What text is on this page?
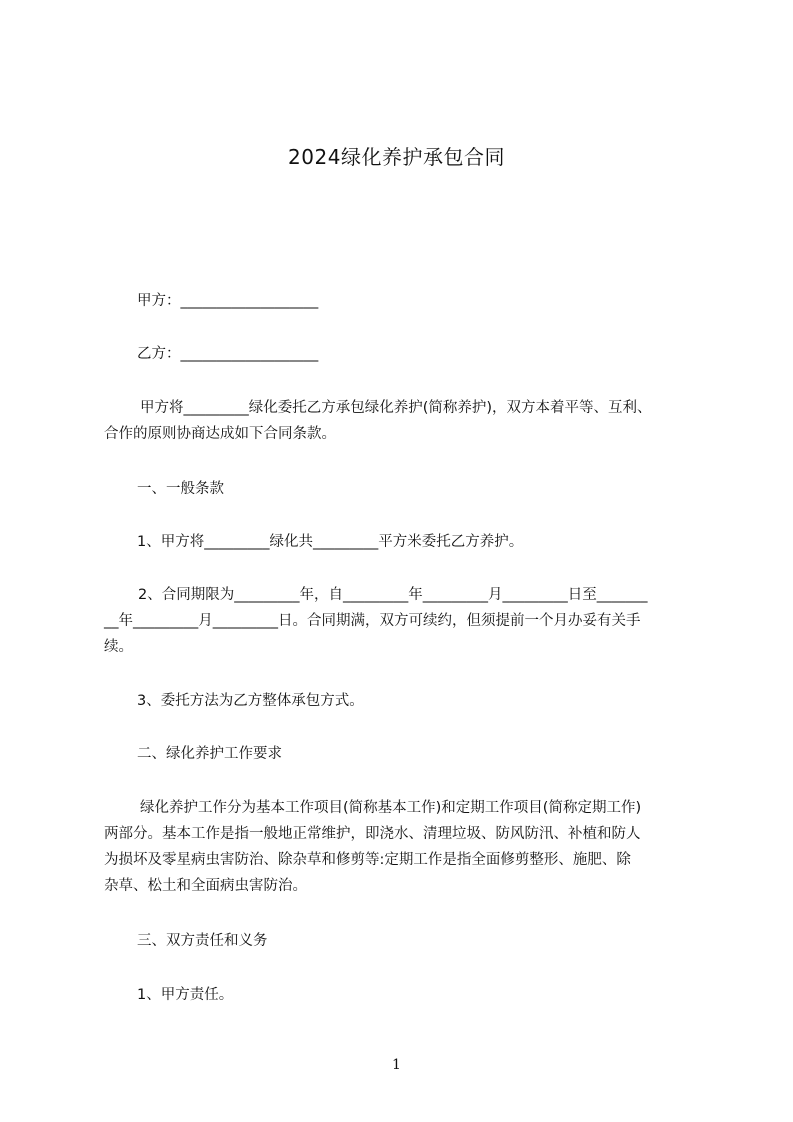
2024绿化养护承包合同
甲方：___________________
乙方：___________________
甲方将_________绿化委托乙方承包绿化养护(简称养护)，双方本着平等、互利、
合作的原则协商达成如下合同条款。
一、一般条款
1、甲方将_________绿化共_________平方米委托乙方养护。
2、合同期限为_________年，自_________年_________月_________日至_______
__年_________月_________日。合同期满，双方可续约，但须提前一个月办妥有关手
续。
3、委托方法为乙方整体承包方式。
二、绿化养护工作要求
绿化养护工作分为基本工作项目(简称基本工作)和定期工作项目(简称定期工作)
两部分。基本工作是指一般地正常维护，即浇水、清理垃圾、防风防汛、补植和防人
为损坏及零星病虫害防治、除杂草和修剪等:定期工作是指全面修剪整形、施肥、除
杂草、松土和全面病虫害防治。
三、双方责任和义务
1、甲方责任。
1
